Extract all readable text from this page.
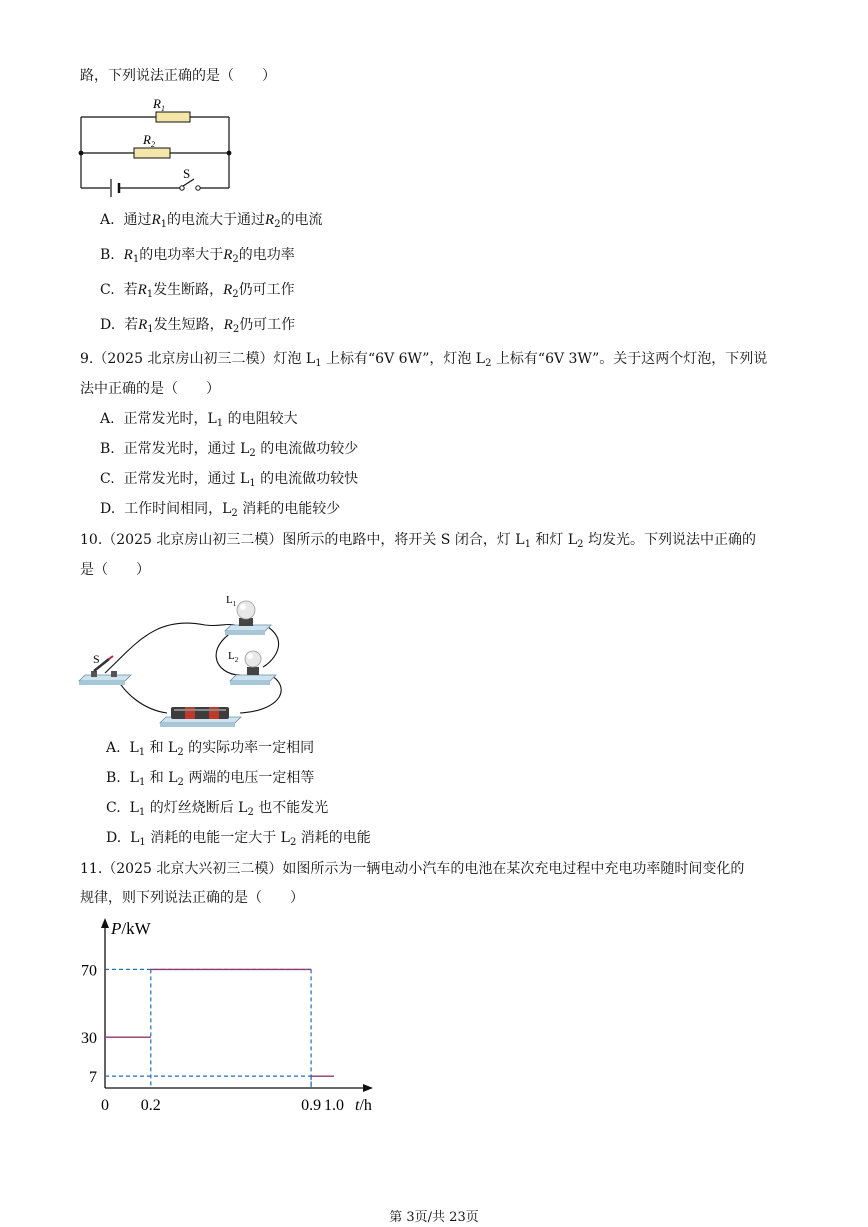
路，下列说法正确的是（　　）
$R_1$
$R_2$
S
A. 通过$R_1$的电流大于通过$R_2$的电流
B. $R_1$的电功率大于$R_2$的电功率
C. 若$R_1$发生断路，$R_2$仍可工作
D. 若$R_1$发生短路，$R_2$仍可工作
9.（2025 北京房山初三二模）灯泡 $L_1$ 上标有“6V 6W”，灯泡 $L_2$ 上标有“6V 3W”。关于这两个灯泡，下列说
法中正确的是（　　）
A. 正常发光时，$L_1$ 的电阻较大
B. 正常发光时，通过 $L_2$ 的电流做功较少
C. 正常发光时，通过 $L_1$ 的电流做功较快
D. 工作时间相同，$L_2$ 消耗的电能较少
10.（2025 北京房山初三二模）图所示的电路中，将开关 S 闭合，灯 $L_1$ 和灯 $L_2$ 均发光。下列说法中正确的
是（　　）
S
$L_1$
$L_2$
A. $L_1$ 和 $L_2$ 的实际功率一定相同
B. $L_1$ 和 $L_2$ 两端的电压一定相等
C. $L_1$ 的灯丝烧断后 $L_2$ 也不能发光
D. $L_1$ 消耗的电能一定大于 $L_2$ 消耗的电能
11.（2025 北京大兴初三二模）如图所示为一辆电动小汽车的电池在某次充电过程中充电功率随时间变化的
规律，则下列说法正确的是（　　）
70
30
7
0 0.2	0.9 1.0
P/kW
t/h
第 3页/共 23页
